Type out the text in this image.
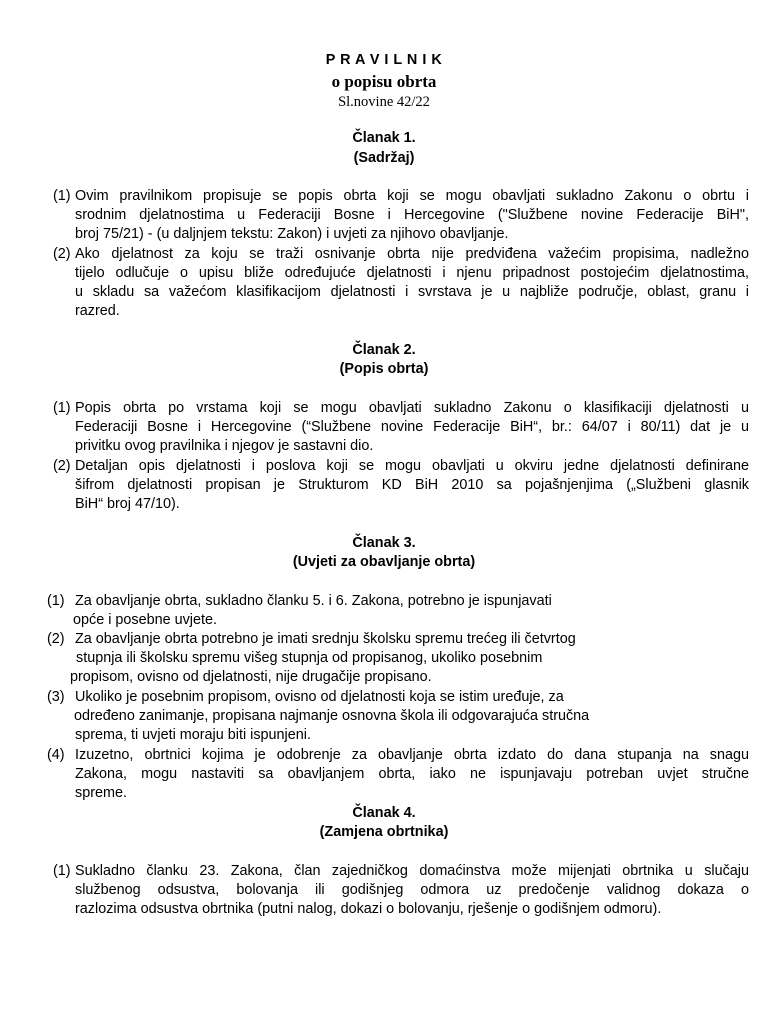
P R A V I L N I K
o popisu obrta
Sl.novine 42/22
Članak 1.
(Sadržaj)
(1) Ovim pravilnikom propisuje se popis obrta koji se mogu obavljati sukladno Zakonu o obrtu i
srodnim djelatnostima u Federaciji Bosne i Hercegovine ("Službene novine Federacije BiH",
broj 75/21) - (u daljnjem tekstu: Zakon) i uvjeti za njihovo obavljanje.
(2) Ako djelatnost za koju se traži osnivanje obrta nije predviđena važećim propisima, nadležno
tijelo odlučuje o upisu bliže određujuće djelatnosti i njenu pripadnost postojećim djelatnostima,
u skladu sa važećom klasifikacijom djelatnosti i svrstava je u najbliže područje, oblast, granu i
razred.
Članak 2.
(Popis obrta)
(1) Popis obrta po vrstama koji se mogu obavljati sukladno Zakonu o klasifikaciji djelatnosti u
Federaciji Bosne i Hercegovine (“Službene novine Federacije BiH“, br.: 64/07 i 80/11) dat je u
privitku ovog pravilnika i njegov je sastavni dio.
(2) Detaljan opis djelatnosti i poslova koji se mogu obavljati u okviru jedne djelatnosti definirane
šifrom djelatnosti propisan je Strukturom KD BiH 2010 sa pojašnjenjima („Službeni glasnik
BiH“ broj 47/10).
Članak 3.
(Uvjeti za obavljanje obrta)
(1) Za obavljanje obrta, sukladno članku 5. i 6. Zakona, potrebno je ispunjavati
opće i posebne uvjete.
(2) Za obavljanje obrta potrebno je imati srednju školsku spremu trećeg ili četvrtog
stupnja ili školsku spremu višeg stupnja od propisanog, ukoliko posebnim
propisom, ovisno od djelatnosti, nije drugačije propisano.
(3) Ukoliko je posebnim propisom, ovisno od djelatnosti koja se istim uređuje, za
određeno zanimanje, propisana najmanje osnovna škola ili odgovarajuća stručna
sprema, ti uvjeti moraju biti ispunjeni.
(4) Izuzetno, obrtnici kojima je odobrenje za obavljanje obrta izdato do dana stupanja na snagu
Zakona, mogu nastaviti sa obavljanjem obrta, iako ne ispunjavaju potreban uvjet stručne
spreme.
Članak 4.
(Zamjena obrtnika)
(1) Sukladno članku 23. Zakona, član zajedničkog domaćinstva može mijenjati obrtnika u slučaju
službenog odsustva, bolovanja ili godišnjeg odmora uz predočenje validnog dokaza o
razlozima odsustva obrtnika (putni nalog, dokazi o bolovanju, rješenje o godišnjem odmoru).
